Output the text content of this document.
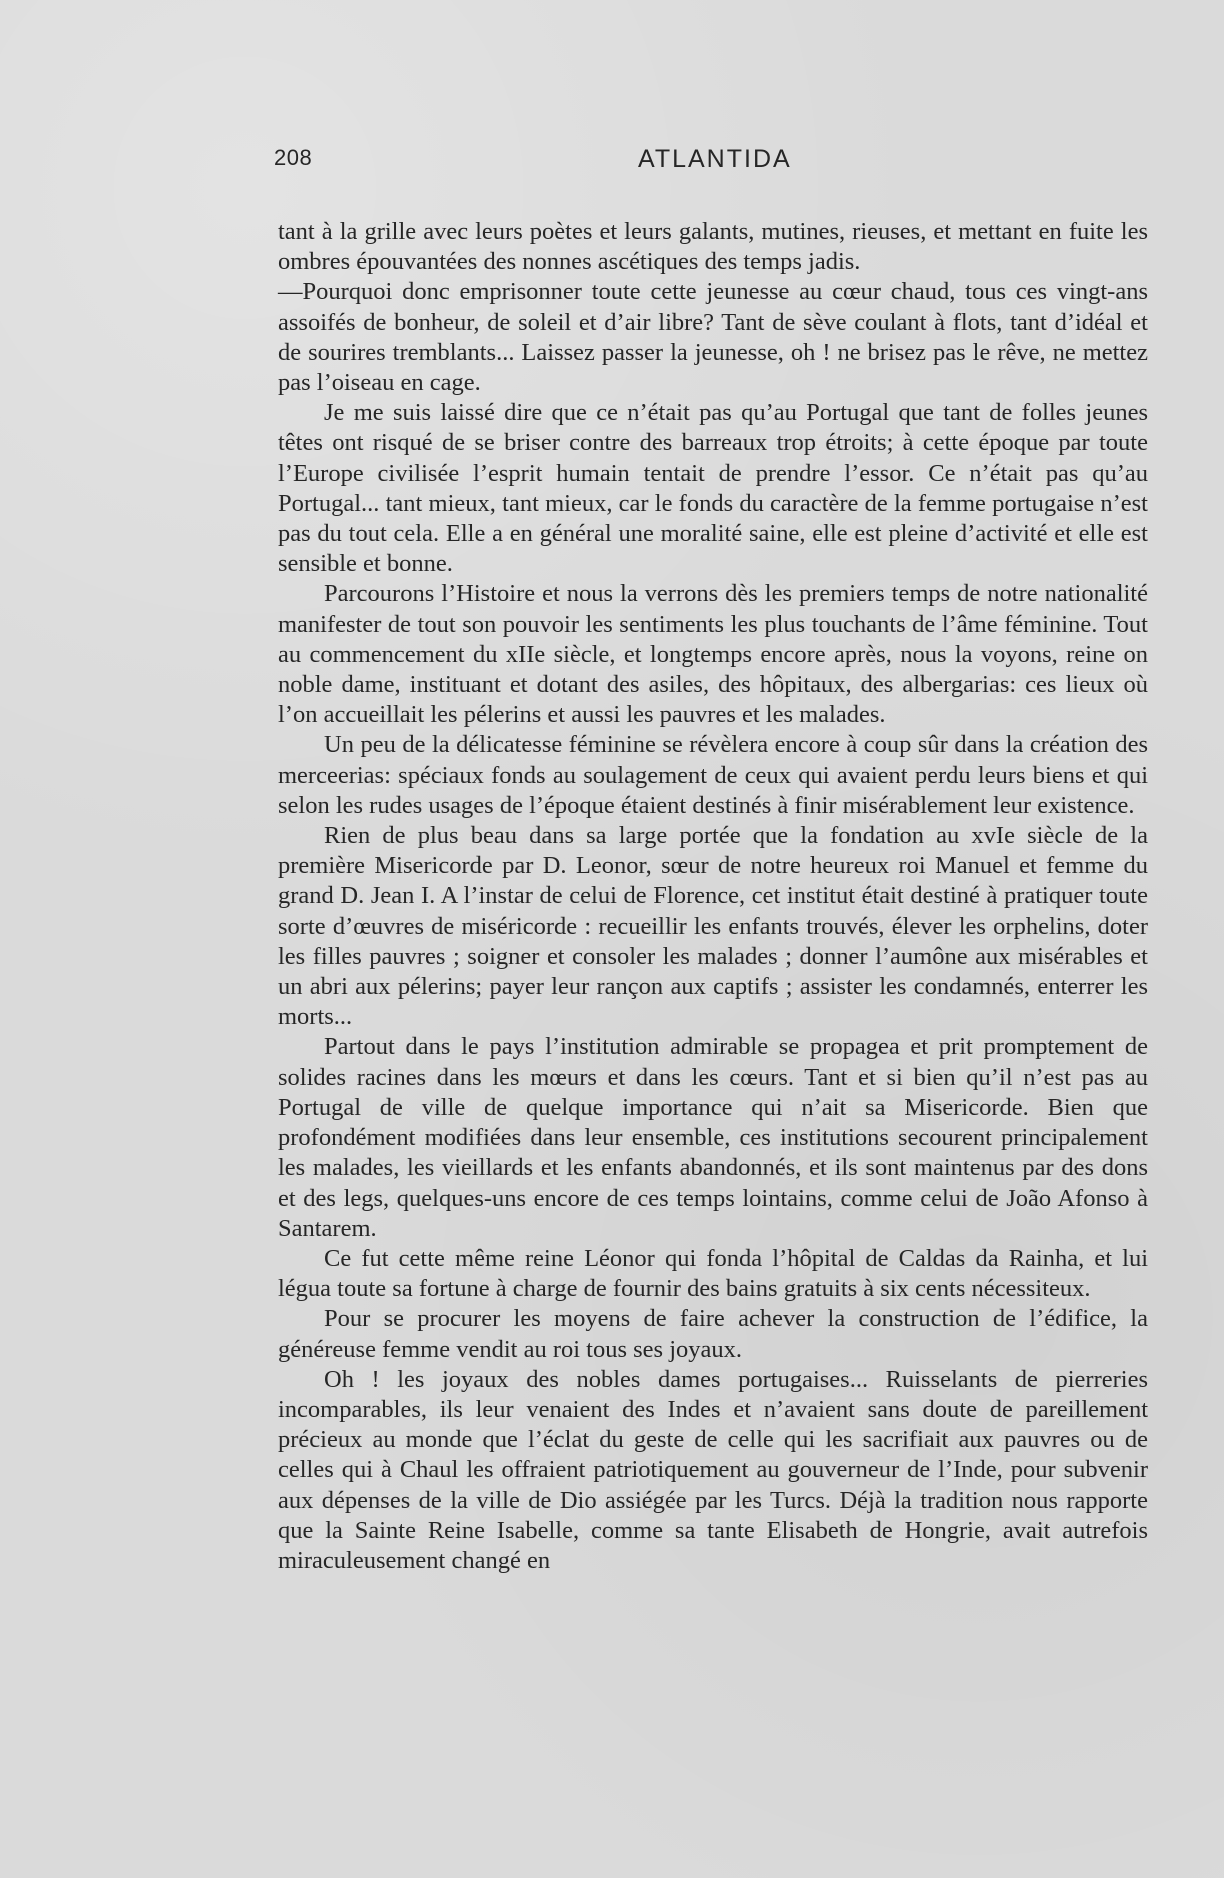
208	ATLANTIDA

tant à la grille avec leurs poètes et leurs galants, mutines, rieuses, et mettant en fuite les ombres épouvantées des nonnes ascétiques des temps jadis.

—Pourquoi donc emprisonner toute cette jeunesse au cœur chaud, tous ces vingt-ans assoifés de bonheur, de soleil et d’air libre? Tant de sève coulant à flots, tant d’idéal et de sourires tremblants... Laissez passer la jeunesse, oh ! ne brisez pas le rêve, ne mettez pas l’oiseau en cage.

Je me suis laissé dire que ce n’était pas qu’au Portugal que tant de folles jeunes têtes ont risqué de se briser contre des barreaux trop étroits; à cette époque par toute l’Europe civilisée l’esprit humain tentait de prendre l’essor. Ce n’était pas qu’au Portugal... tant mieux, tant mieux, car le fonds du caractère de la femme portugaise n’est pas du tout cela. Elle a en général une moralité saine, elle est pleine d’activité et elle est sensible et bonne.

Parcourons l’Histoire et nous la verrons dès les premiers temps de notre nationalité manifester de tout son pouvoir les sentiments les plus touchants de l’âme féminine. Tout au commencement du xIIe siècle, et longtemps encore après, nous la voyons, reine on noble dame, instituant et dotant des asiles, des hôpitaux, des albergarias: ces lieux où l’on accueillait les pélerins et aussi les pauvres et les malades.

Un peu de la délicatesse féminine se révèlera encore à coup sûr dans la création des merceerias: spéciaux fonds au soulagement de ceux qui avaient perdu leurs biens et qui selon les rudes usages de l’époque étaient destinés à finir misérablement leur existence.

Rien de plus beau dans sa large portée que la fondation au xvIe siècle de la première Misericorde par D. Leonor, sœur de notre heureux roi Manuel et femme du grand D. Jean I. A l’instar de celui de Florence, cet institut était destiné à pratiquer toute sorte d’œuvres de miséricorde : recueillir les enfants trouvés, élever les orphelins, doter les filles pauvres ; soigner et consoler les malades ; donner l’aumône aux misérables et un abri aux pélerins; payer leur rançon aux captifs ; assister les condamnés, enterrer les morts...

Partout dans le pays l’institution admirable se propagea et prit promptement de solides racines dans les mœurs et dans les cœurs. Tant et si bien qu’il n’est pas au Portugal de ville de quelque importance qui n’ait sa Misericorde. Bien que profondément modifiées dans leur ensemble, ces institutions secourent principalement les malades, les vieillards et les enfants abandonnés, et ils sont maintenus par des dons et des legs, quelques-uns encore de ces temps lointains, comme celui de João Afonso à Santarem.

Ce fut cette même reine Léonor qui fonda l’hôpital de Caldas da Rainha, et lui légua toute sa fortune à charge de fournir des bains gratuits à six cents nécessiteux.

Pour se procurer les moyens de faire achever la construction de l’édifice, la généreuse femme vendit au roi tous ses joyaux.

Oh ! les joyaux des nobles dames portugaises... Ruisselants de pierreries incomparables, ils leur venaient des Indes et n’avaient sans doute de pareillement précieux au monde que l’éclat du geste de celle qui les sacrifiait aux pauvres ou de celles qui à Chaul les offraient patriotiquement au gouverneur de l’Inde, pour subvenir aux dépenses de la ville de Dio assiégée par les Turcs. Déjà la tradition nous rapporte que la Sainte Reine Isabelle, comme sa tante Elisabeth de Hongrie, avait autrefois miraculeusement changé en
